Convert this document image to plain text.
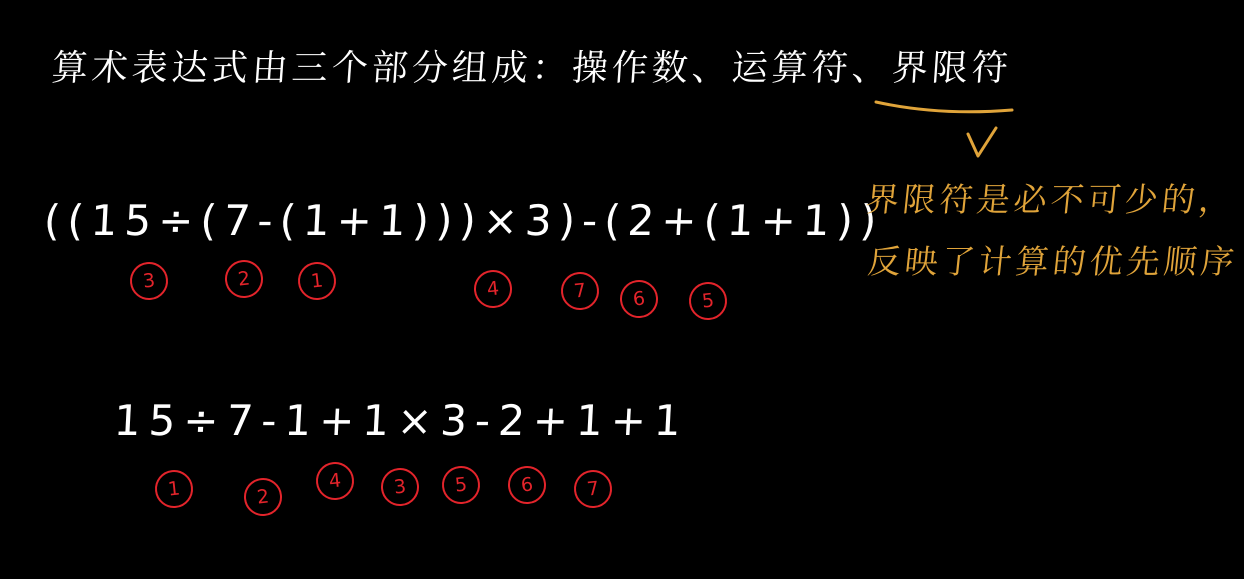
算术表达式由三个部分组成：操作数、运算符、界限符
((15÷(7-(1+1)))×3)-(2+(1+1))
界限符是必不可少的，
反映了计算的优先顺序
3	2	1	4	7	6	5
15÷7-1+1×3-2+1+1
1	2
4	3	5	6	7
